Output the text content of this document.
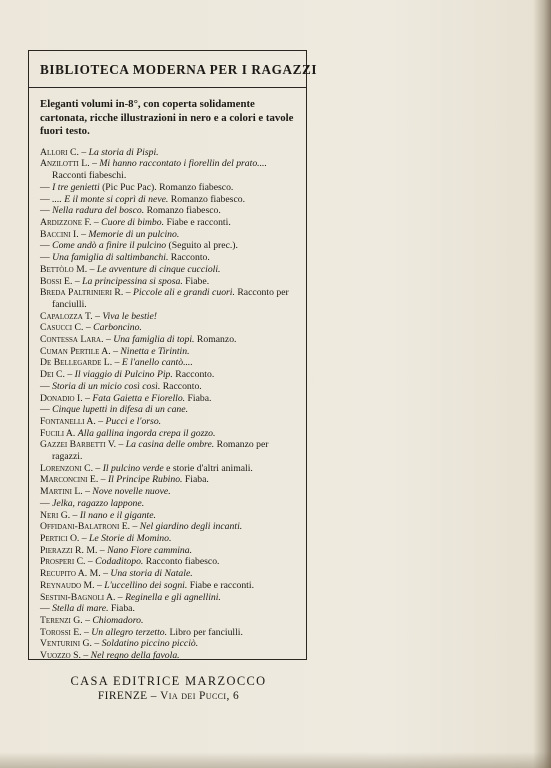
BIBLIOTECA MODERNA PER I RAGAZZI

Eleganti volumi in-8°, con coperta solidamente cartonata, ricche illustrazioni in nero e a colori e tavole fuori testo.

Allori C. – La storia di Pispi.
Anzilotti L. – Mi hanno raccontato i fiorellin del prato.... Racconti fiabeschi.
— I tre genietti (Pic Puc Pac). Romanzo fiabesco.
— .... E il monte si coprì di neve. Romanzo fiabesco.
— Nella radura del bosco. Romanzo fiabesco.
Ardizzone F. – Cuore di bimbo. Fiabe e racconti.
Baccini I. – Memorie di un pulcino.
— Come andò a finire il pulcino (Seguito al prec.).
— Una famiglia di saltimbanchi. Racconto.
Bettòlo M. – Le avventure di cinque cuccioli.
Bossi E. – La principessina si sposa. Fiabe.
Breda Paltrinieri R. – Piccole ali e grandi cuori. Racconto per fanciulli.
Capalozza T. – Viva le bestie!
Casucci C. – Carboncino.
Contessa Lara. – Una famiglia di topi. Romanzo.
Cuman Pertile A. – Ninetta e Tirintin.
De Bellegarde L. – E l'anello cantò....
Dei C. – Il viaggio di Pulcino Pip. Racconto.
— Storia di un micio così così. Racconto.
Donadio I. – Fata Gaietta e Fiorello. Fiaba.
— Cinque lupetti in difesa di un cane.
Fontanelli A. – Pucci e l'orso.
Fucili A. Alla gallina ingorda crepa il gozzo.
Gazzei Barbetti V. – La casina delle ombre. Romanzo per ragazzi.
Lorenzoni C. – Il pulcino verde e storie d'altri animali.
Marconcini E. – Il Principe Rubino. Fiaba.
Martini L. – Nove novelle nuove.
— Jelka, ragazzo lappone.
Neri G. – Il nano e il gigante.
Offidani-Balatroni E. – Nel giardino degli incanti.
Pertici O. – Le Storie di Momino.
Pierazzi R. M. – Nano Fiore cammina.
Prosperi C. – Codaditopo. Racconto fiabesco.
Recupito A. M. – Una storia di Natale.
Reynaudo M. – L'uccellino dei sogni. Fiabe e racconti.
Sestini-Bagnoli A. – Reginella e gli agnellini.
— Stella di mare. Fiaba.
Terenzi G. – Chiomadoro.
Torossi E. – Un allegro terzetto. Libro per fanciulli.
Venturini G. – Soldatino piccino picciò.
Vuozzo S. – Nel regno della favola.
CASA EDITRICE MARZOCCO
FIRENZE – Via dei Pucci, 6
